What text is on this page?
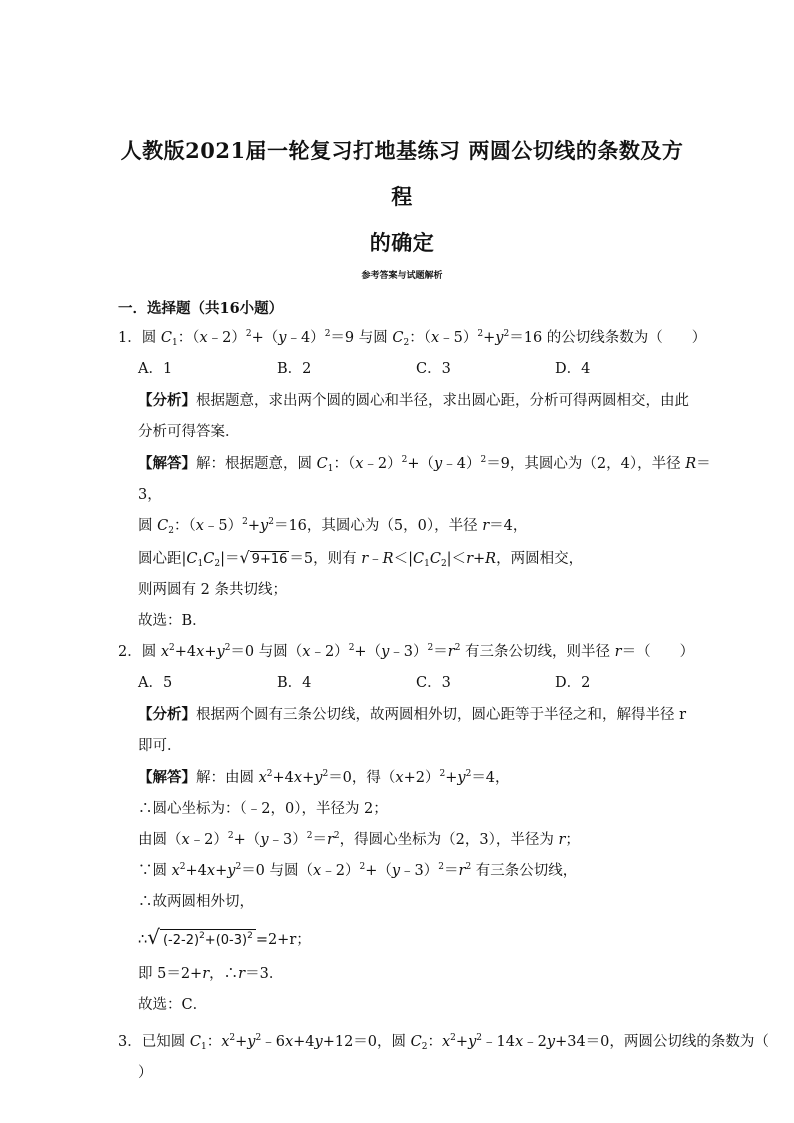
人教版2021届一轮复习打地基练习 两圆公切线的条数及方程
的确定
参考答案与试题解析
一．选择题（共16小题）
1．圆 $C_1$：（x﹣2）$^2$+（y﹣4）$^2$＝9 与圆 $C_2$：$(x﹣5)^2+y^2=16$ 的公切线条数为（　　）
A．1	B．2	C．3	D．4
【分析】根据题意，求出两个圆的圆心和半径，求出圆心距，分析可得两圆相交，由此
分析可得答案．
【解答】解：根据题意，圆 $C_1$：（x﹣2）$^2$+（y﹣4）$^2$＝9，其圆心为（2，4），半径 R＝
3，
圆 $C_2$：$(x﹣5)^2+y^2=16$，其圆心为（5，0），半径 r＝4，
圆心距$|C_1C_2|=√$ 9+16 ＝5，则有 $r﹣R<|C_1C_2|<r+R$，两圆相交，
则两圆有 2 条共切线；
故选：B．
2．圆 $x^2+4x+y^2=0$ 与圆$(x﹣2)^2+(y﹣3)^2=r^2$ 有三条公切线，则半径 r＝（　　）
A．5	B．4	C．3	D．2
【分析】根据两个圆有三条公切线，故两圆相外切，圆心距等于半径之和，解得半径 r
即可．
【解答】解：由圆 $x^2+4x+y^2=0$，得$(x+2)^2+y^2=4$，
∴圆心坐标为：（﹣2，0），半径为 2；
由圆$(x﹣2)^2+(y﹣3)^2=r^2$，得圆心坐标为（2，3），半径为 r；
∵圆 $x^2+4x+y^2=0$ 与圆$(x﹣2)^2+(y﹣3)^2=r^2$ 有三条公切线，
∴故两圆相外切，
∴√ $(-2-2)^2+(0-3)^2 =2+r$；
即 5＝2+r，∴r＝3．
故选：C．
3．已知圆 $C_1$：$x^2+y^2﹣6x+4y+12=0$，圆 $C_2$：$x^2+y^2﹣14x﹣2y+34=0$，两圆公切线的条数为（
）
